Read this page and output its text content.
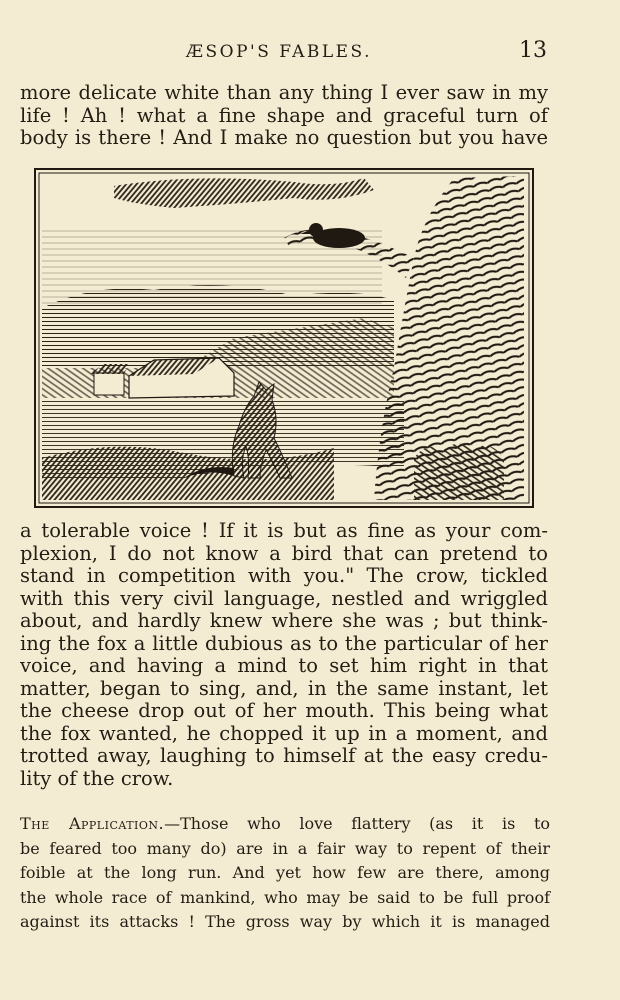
ÆSOP'S FABLES.	13
more delicate white than any thing I ever saw in my
life ! Ah ! what a fine shape and graceful turn of
body is there ! And I make no question but you have
a tolerable voice ! If it is but as fine as your com-
plexion, I do not know a bird that can pretend to
stand in competition with you." The crow, tickled
with this very civil language, nestled and wriggled
about, and hardly knew where she was ; but think-
ing the fox a little dubious as to the particular of her
voice, and having a mind to set him right in that
matter, began to sing, and, in the same instant, let
the cheese drop out of her mouth. This being what
the fox wanted, he chopped it up in a moment, and
trotted away, laughing to himself at the easy credu-
lity of the crow.
The Application.—Those who love flattery (as it is to
be feared too many do) are in a fair way to repent of their
foible at the long run. And yet how few are there, among
the whole race of mankind, who may be said to be full proof
against its attacks ! The gross way by which it is managed
